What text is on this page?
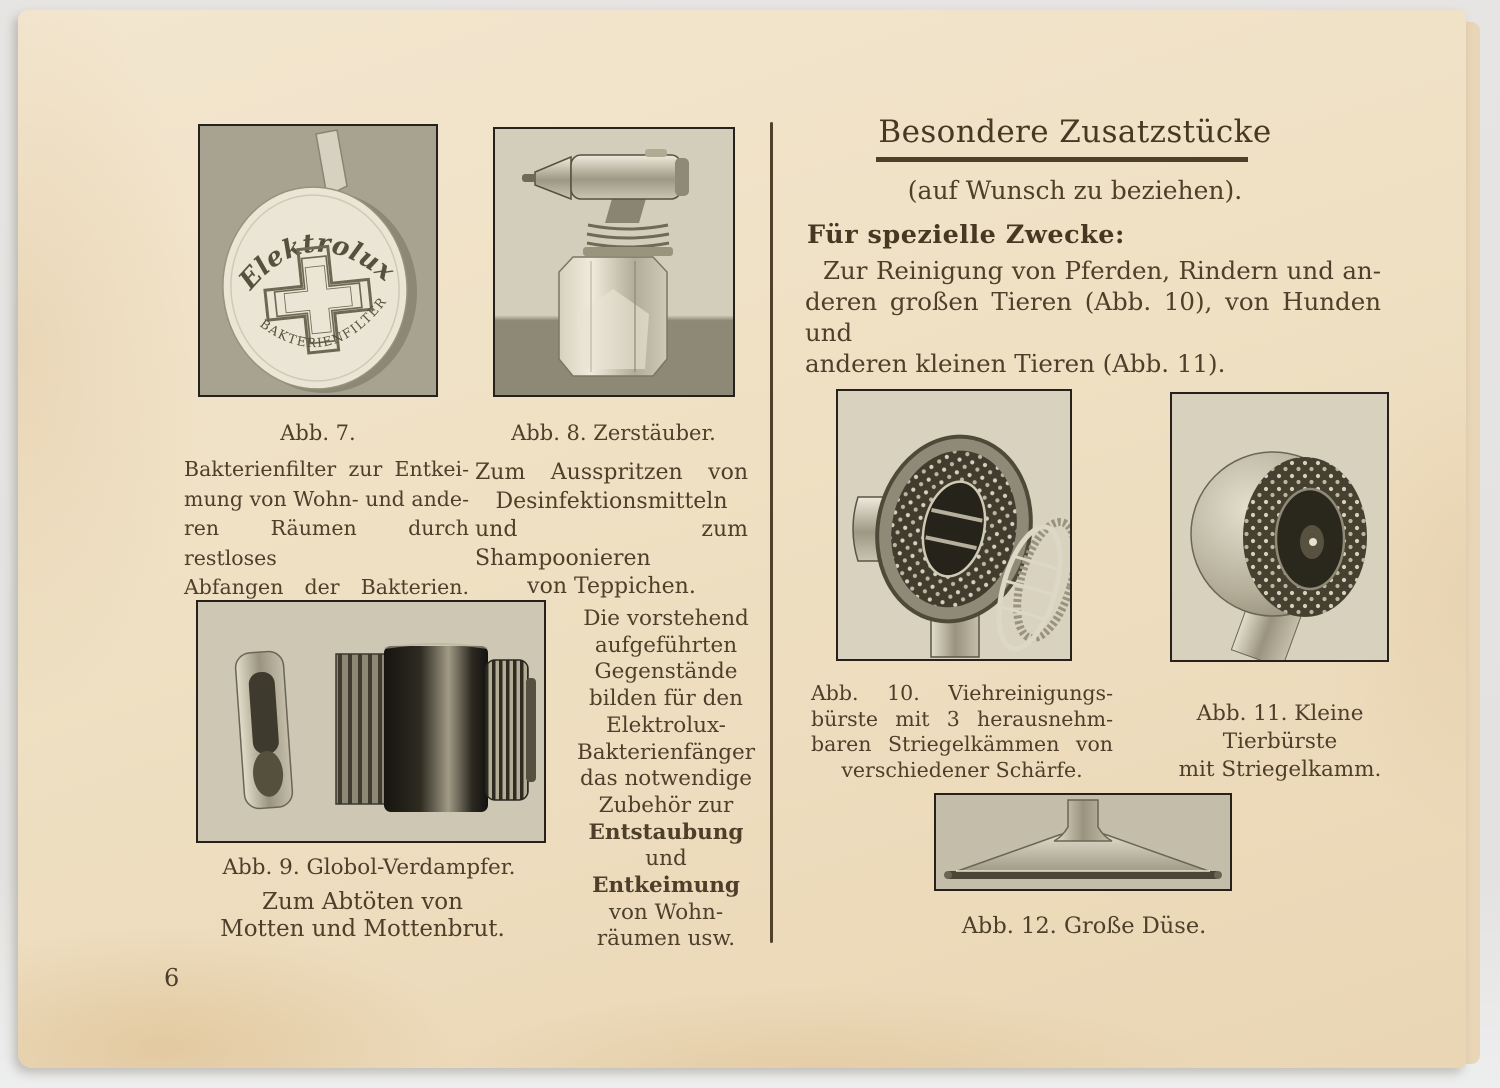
Elektrolux
BAKTERIENFILTER
Abb. 7.
Bakterienfilter zur Entkei-
mung von Wohn- und ande-
ren Räumen durch restloses
Abfangen der Bakterien.
Abb. 8. Zerstäuber.
Zum Ausspritzen von
Desinfektionsmitteln
und zum Shampoonieren
von Teppichen.
Die vorstehend
aufgeführten
Gegenstände
bilden für den
Elektrolux-
Bakterienfänger
das notwendige
Zubehör zur
Entstaubung
und
Entkeimung
von Wohn-
räumen usw.
Abb. 9. Globol-Verdampfer.
Zum Abtöten von
Motten und Mottenbrut.
6
Besondere Zusatzstücke
(auf Wunsch zu beziehen).
Für spezielle Zwecke:
Zur Reinigung von Pferden, Rindern und an-
deren großen Tieren (Abb. 10), von Hunden und
anderen kleinen Tieren (Abb. 11).
Abb. 10. Viehreinigungs-
bürste mit 3 herausnehm-
baren Striegelkämmen von
verschiedener Schärfe.
Abb. 11. Kleine Tierbürste
mit Striegelkamm.
Abb. 12. Große Düse.
